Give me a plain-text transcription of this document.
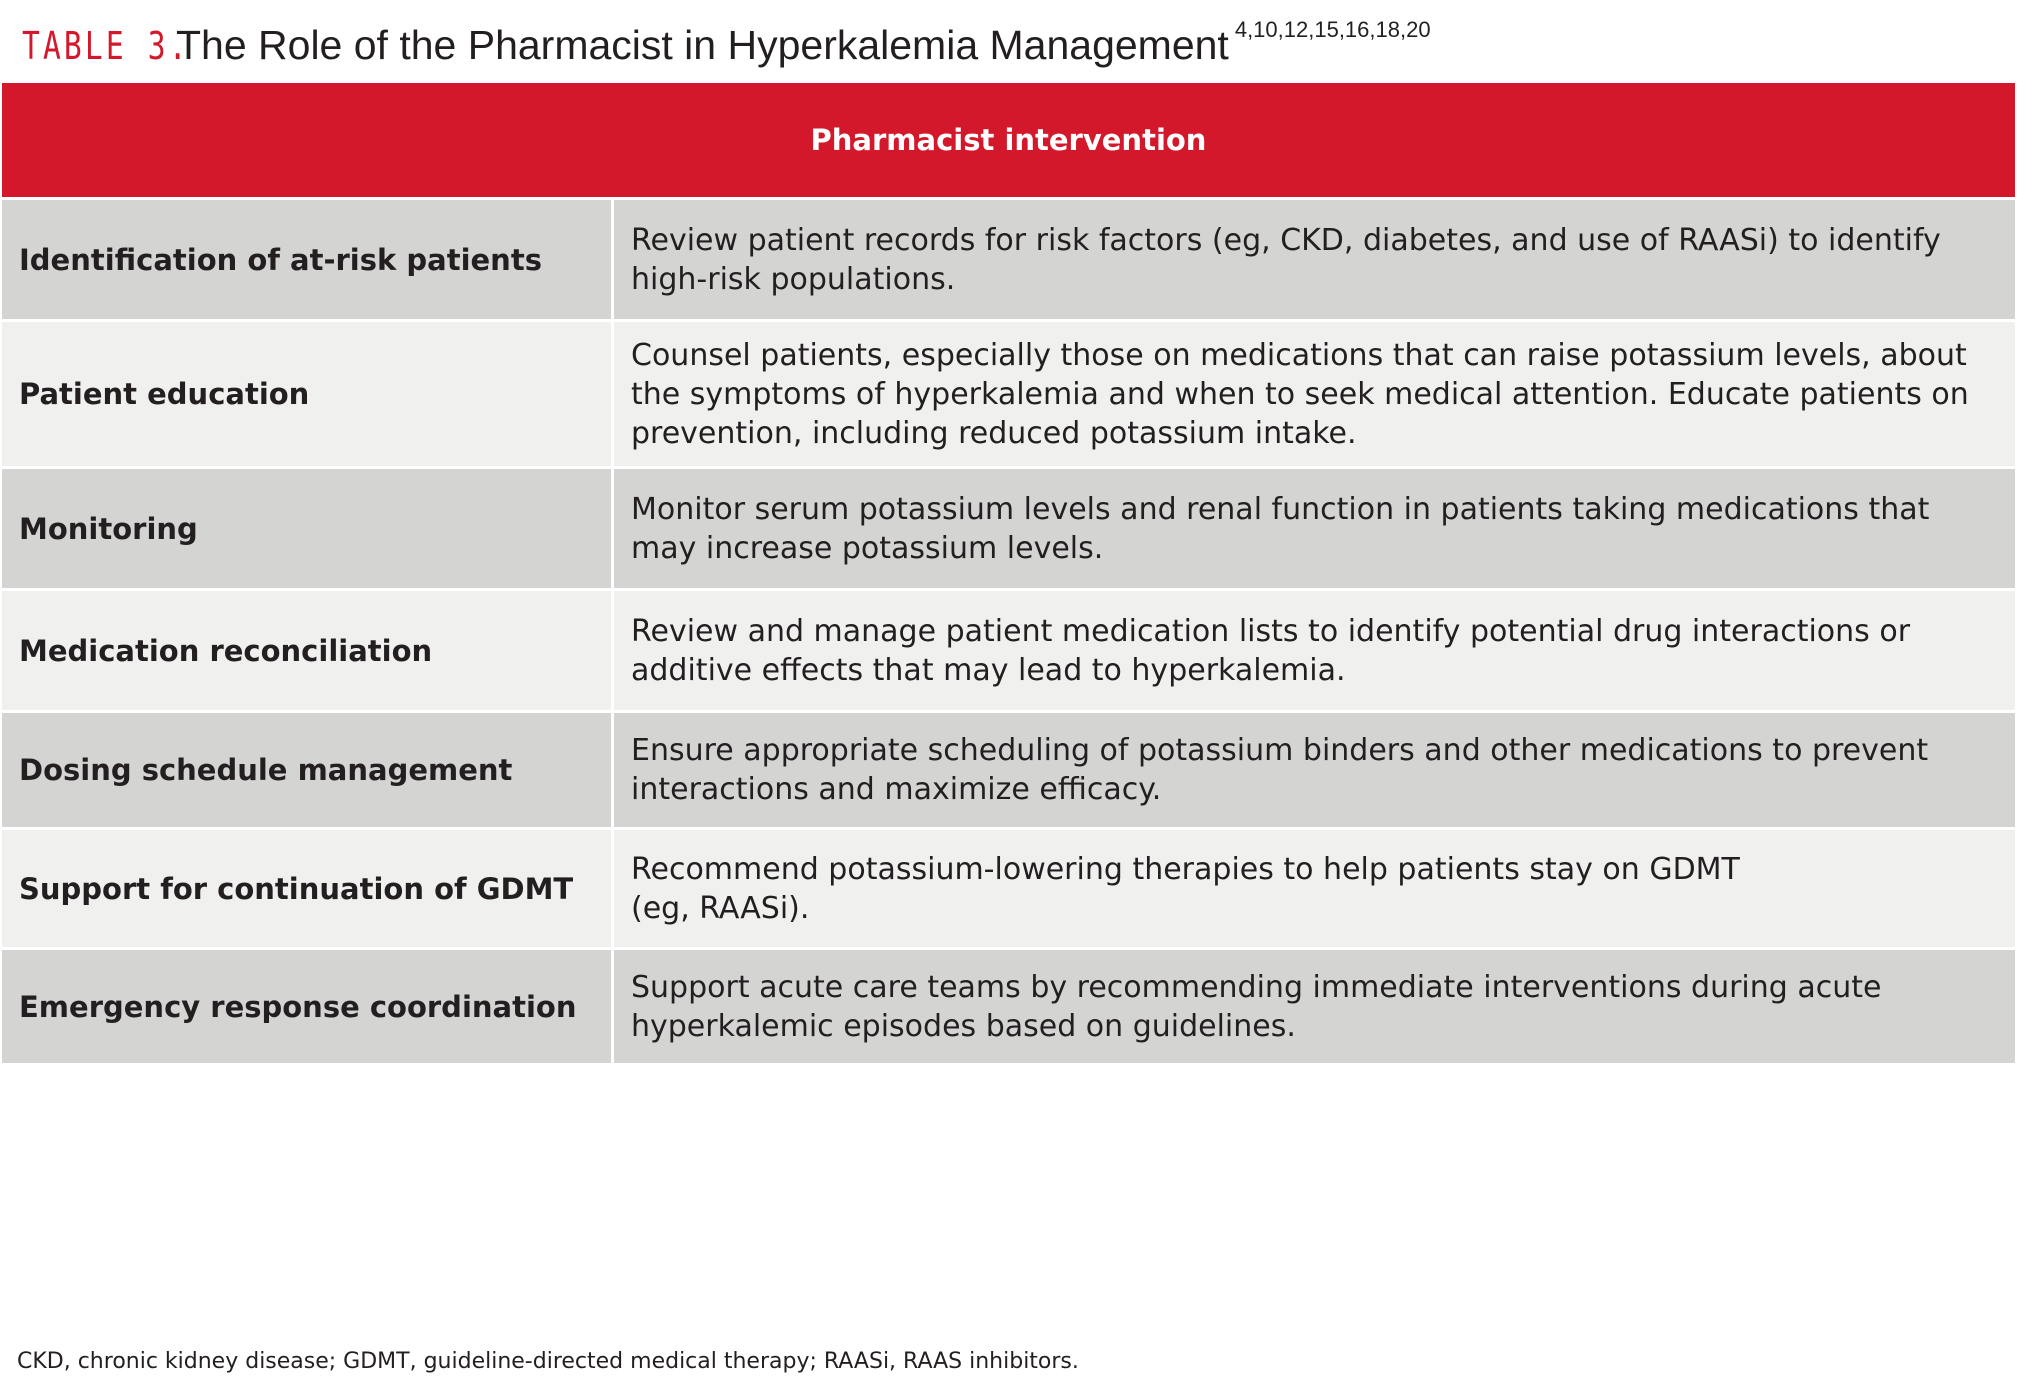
TABLE 3.
The Role of the Pharmacist in Hyperkalemia Management 4,10,12,15,16,18,20
Pharmacist intervention
Identification of at-risk patients
Review patient records for risk factors (eg, CKD, diabetes, and use of RAASi) to identify high-risk populations.
Patient education
Counsel patients, especially those on medications that can raise potassium levels, about the symptoms of hyperkalemia and when to seek medical attention. Educate patients on prevention, including reduced potassium intake.
Monitoring
Monitor serum potassium levels and renal function in patients taking medications that may increase potassium levels.
Medication reconciliation
Review and manage patient medication lists to identify potential drug interactions or additive effects that may lead to hyperkalemia.
Dosing schedule management
Ensure appropriate scheduling of potassium binders and other medications to prevent interactions and maximize efficacy.
Support for continuation of GDMT
Recommend potassium-lowering therapies to help patients stay on GDMT
(eg, RAASi).
Emergency response coordination
Support acute care teams by recommending immediate interventions during acute hyperkalemic episodes based on guidelines.
CKD, chronic kidney disease; GDMT, guideline-directed medical therapy; RAASi, RAAS inhibitors.
